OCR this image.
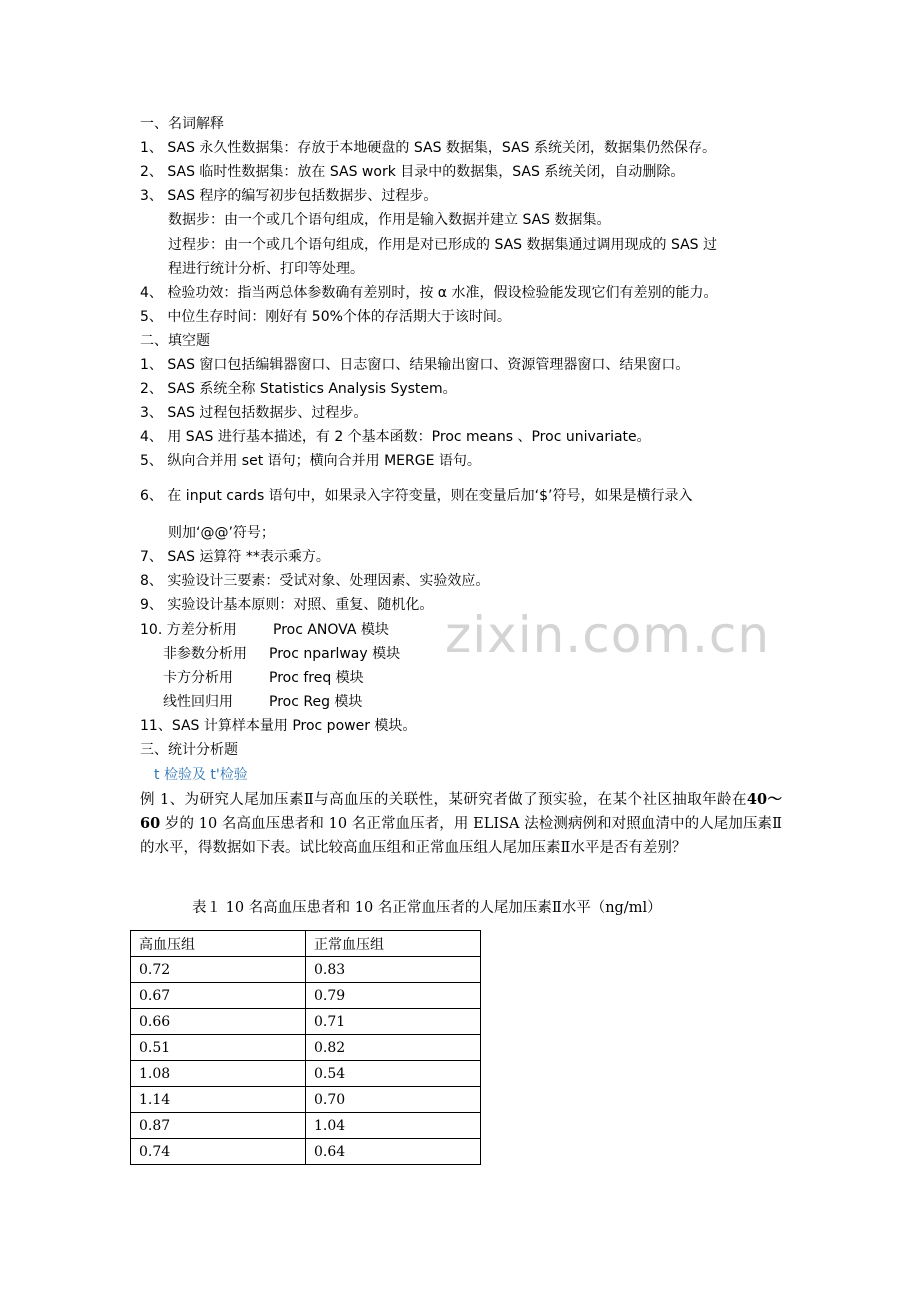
zixin.com.cn
一、名词解释
1、 SAS 永久性数据集：存放于本地硬盘的 SAS 数据集，SAS 系统关闭，数据集仍然保存。
2、 SAS 临时性数据集：放在 SAS work 目录中的数据集，SAS 系统关闭，自动删除。
3、 SAS 程序的编写初步包括数据步、过程步。
数据步：由一个或几个语句组成，作用是输入数据并建立 SAS 数据集。
过程步：由一个或几个语句组成，作用是对已形成的 SAS 数据集通过调用现成的 SAS 过
程进行统计分析、打印等处理。
4、 检验功效：指当两总体参数确有差别时，按 α 水准，假设检验能发现它们有差别的能力。
5、 中位生存时间：刚好有 50%个体的存活期大于该时间。
二、填空题
1、 SAS 窗口包括编辑器窗口、日志窗口、结果输出窗口、资源管理器窗口、结果窗口。
2、 SAS 系统全称 Statistics Analysis System。
3、 SAS 过程包括数据步、过程步。
4、 用 SAS 进行基本描述，有 2 个基本函数：Proc means 、Proc univariate。
5、 纵向合并用 set 语句；横向合并用 MERGE 语句。
6、 在 input cards 语句中，如果录入字符变量，则在变量后加‘$’符号，如果是横行录入
则加‘@@’符号；
7、 SAS 运算符 **表示乘方。
8、 实验设计三要素：受试对象、处理因素、实验效应。
9、 实验设计基本原则：对照、重复、随机化。
10. 方差分析用	Proc ANOVA 模块
非参数分析用 Proc nparlway 模块
卡方分析用	Proc freq 模块
线性回归用	Proc Reg 模块
11、SAS 计算样本量用 Proc power 模块。
三、统计分析题
t 检验及 t'检验
例 1、为研究人尾加压素Ⅱ与高血压的关联性，某研究者做了预实验，在某个社区抽取年龄在40～60 岁的 10 名高血压患者和 10 名正常血压者，用 ELISA 法检测病例和对照血清中的人尾加压素Ⅱ的水平，得数据如下表。试比较高血压组和正常血压组人尾加压素Ⅱ水平是否有差别？
表１ 10 名高血压患者和 10 名正常血压者的人尾加压素Ⅱ水平（ng/ml）
高血压组	正常血压组
0.72	0.83
0.67	0.79
0.66	0.71
0.51	0.82
1.08	0.54
1.14	0.70
0.87	1.04
0.74	0.64
